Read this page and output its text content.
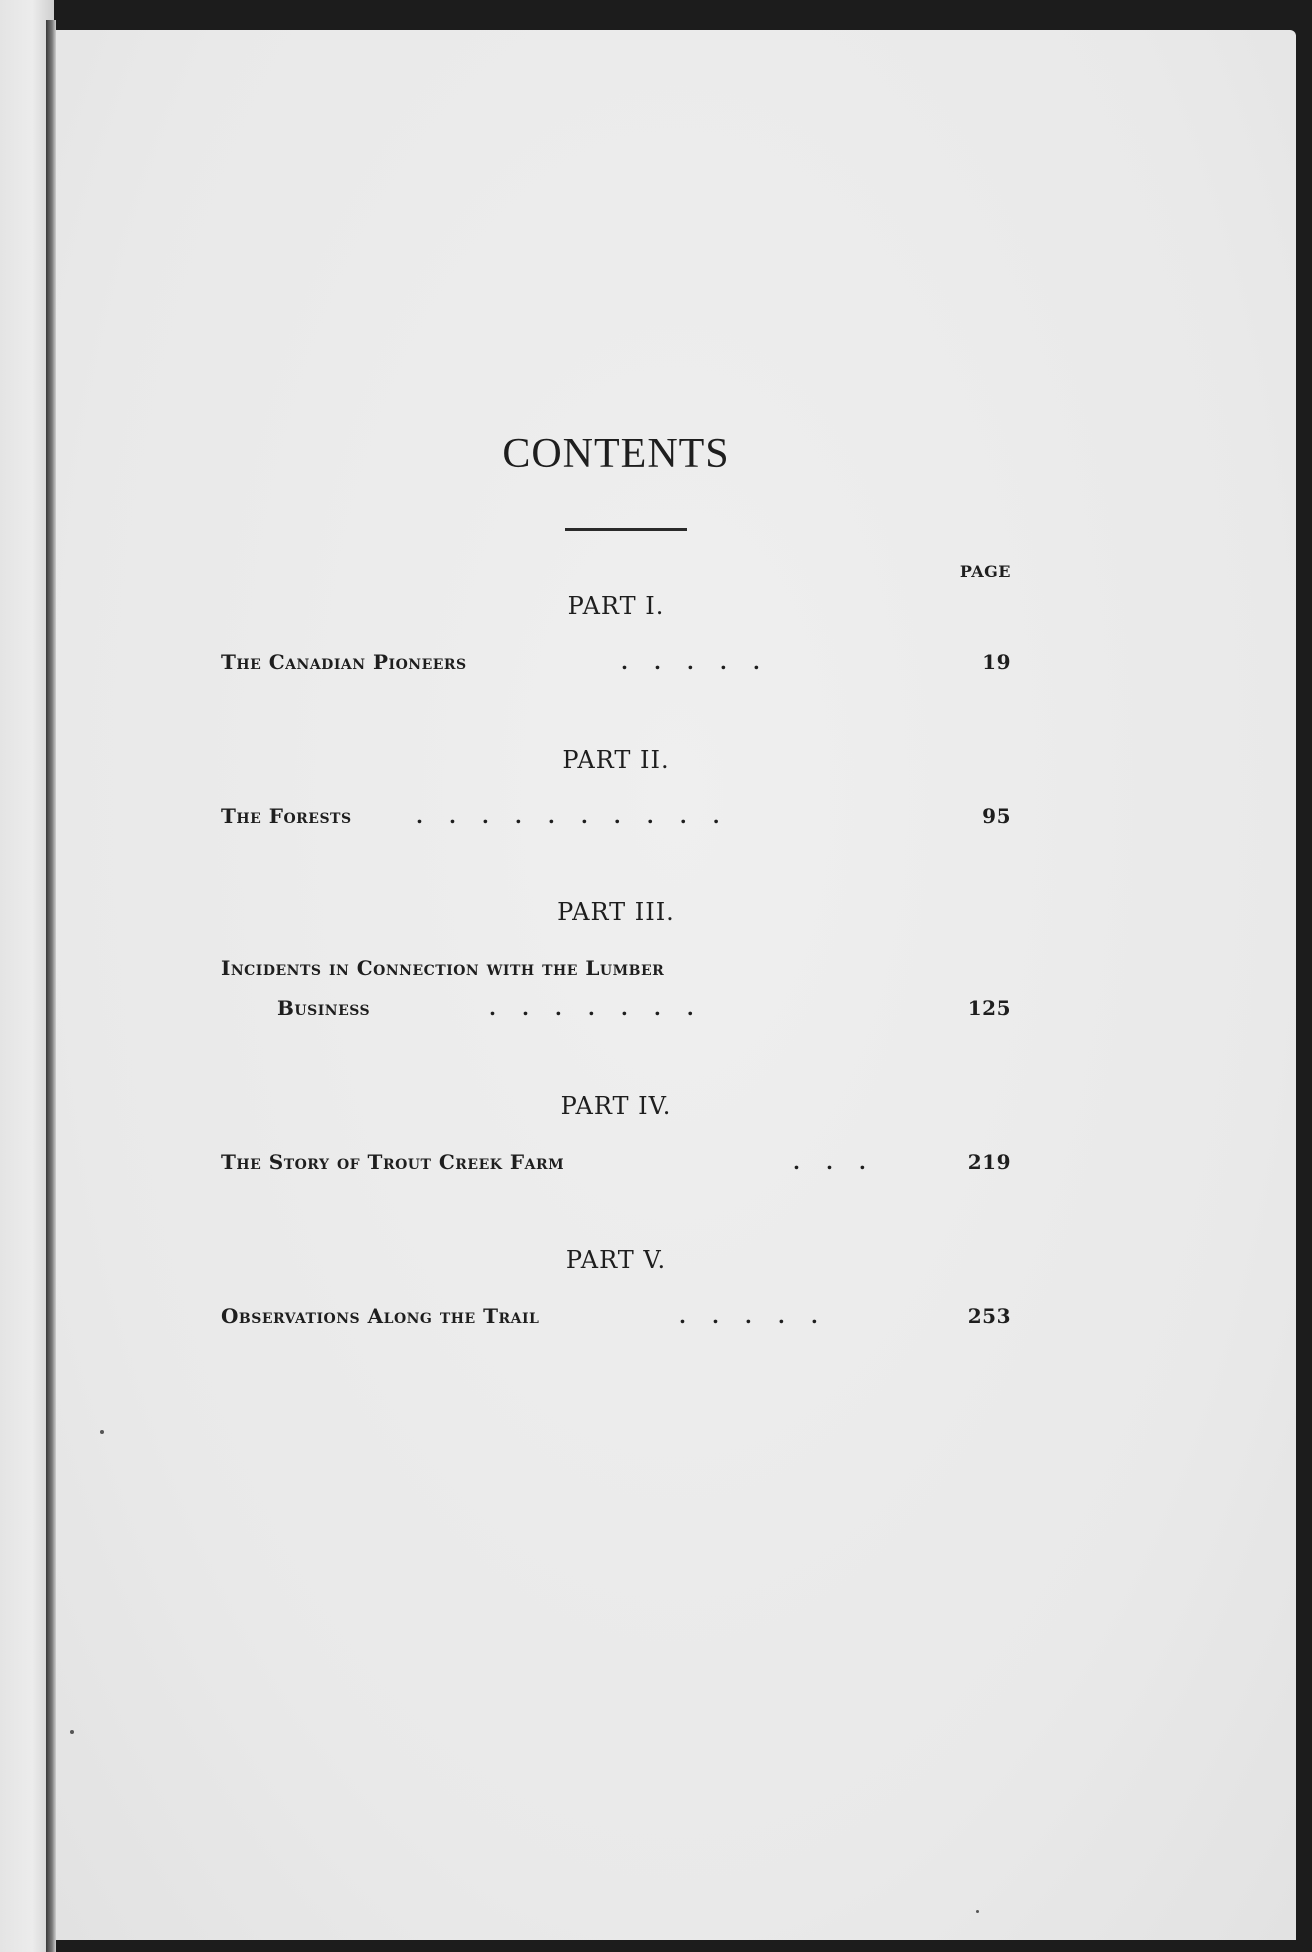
CONTENTS
PAGE
PART I.
The Canadian Pioneers	.....	19
PART II.
The Forests	..........	95
PART III.
Incidents in Connection with the Lumber
Business	.......	125
PART IV.
The Story of Trout Creek Farm	...	219
PART V.
Observations Along the Trail	.....	253
